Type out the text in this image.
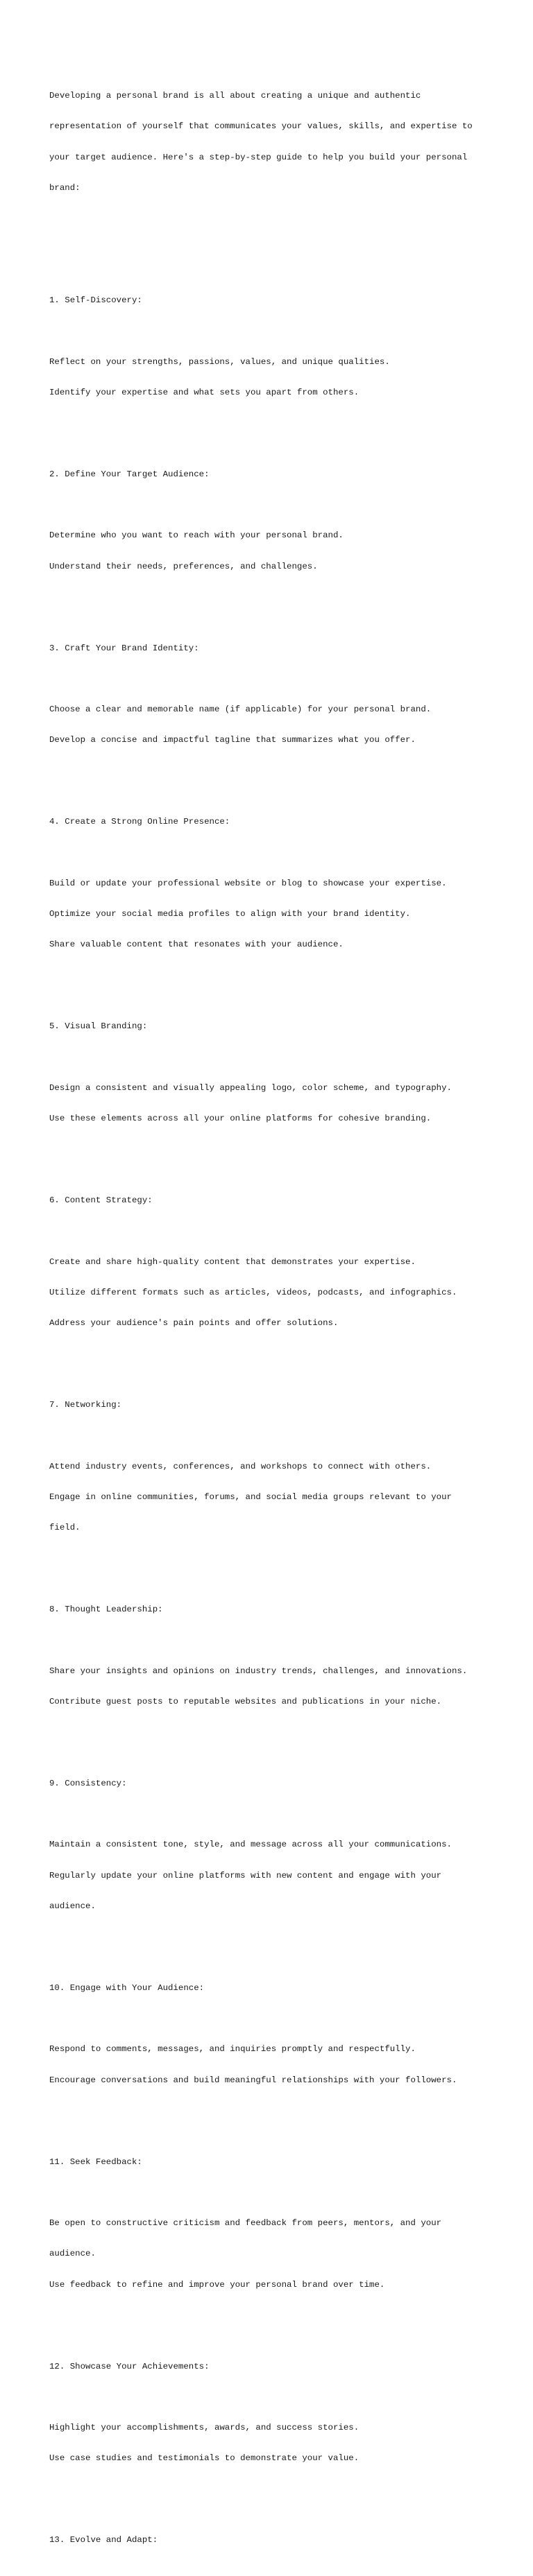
Developing a personal brand is all about creating a unique and authentic

representation of yourself that communicates your values, skills, and expertise to

your target audience. Here's a step-by-step guide to help you build your personal

brand:

1. Self-Discovery:

Reflect on your strengths, passions, values, and unique qualities.

Identify your expertise and what sets you apart from others.

2. Define Your Target Audience:

Determine who you want to reach with your personal brand.

Understand their needs, preferences, and challenges.

3. Craft Your Brand Identity:

Choose a clear and memorable name (if applicable) for your personal brand.

Develop a concise and impactful tagline that summarizes what you offer.

4. Create a Strong Online Presence:

Build or update your professional website or blog to showcase your expertise.

Optimize your social media profiles to align with your brand identity.

Share valuable content that resonates with your audience.

5. Visual Branding:

Design a consistent and visually appealing logo, color scheme, and typography.

Use these elements across all your online platforms for cohesive branding.

6. Content Strategy:

Create and share high-quality content that demonstrates your expertise.

Utilize different formats such as articles, videos, podcasts, and infographics.

Address your audience's pain points and offer solutions.

7. Networking:

Attend industry events, conferences, and workshops to connect with others.

Engage in online communities, forums, and social media groups relevant to your

field.

8. Thought Leadership:

Share your insights and opinions on industry trends, challenges, and innovations.

Contribute guest posts to reputable websites and publications in your niche.

9. Consistency:

Maintain a consistent tone, style, and message across all your communications.

Regularly update your online platforms with new content and engage with your

audience.

10. Engage with Your Audience:

Respond to comments, messages, and inquiries promptly and respectfully.

Encourage conversations and build meaningful relationships with your followers.

11. Seek Feedback:

Be open to constructive criticism and feedback from peers, mentors, and your

audience.

Use feedback to refine and improve your personal brand over time.

12. Showcase Your Achievements:

Highlight your accomplishments, awards, and success stories.

Use case studies and testimonials to demonstrate your value.

13. Evolve and Adapt:
